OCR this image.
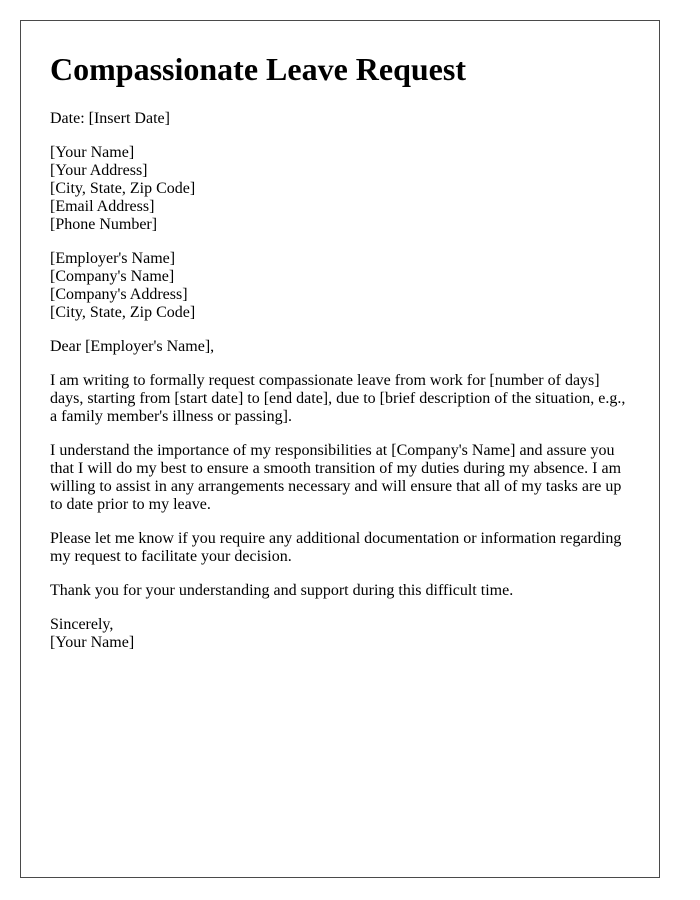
Compassionate Leave Request

Date: [Insert Date]

[Your Name]
[Your Address]
[City, State, Zip Code]
[Email Address]
[Phone Number]
[Employer's Name]
[Company's Name]
[Company's Address]
[City, State, Zip Code]

Dear [Employer's Name],

I am writing to formally request compassionate leave from work for [number of days] days, starting from [start date] to [end date], due to [brief description of the situation, e.g., a family member's illness or passing].

I understand the importance of my responsibilities at [Company's Name] and assure you that I will do my best to ensure a smooth transition of my duties during my absence. I am willing to assist in any arrangements necessary and will ensure that all of my tasks are up to date prior to my leave.

Please let me know if you require any additional documentation or information regarding my request to facilitate your decision.

Thank you for your understanding and support during this difficult time.

Sincerely,
[Your Name]
